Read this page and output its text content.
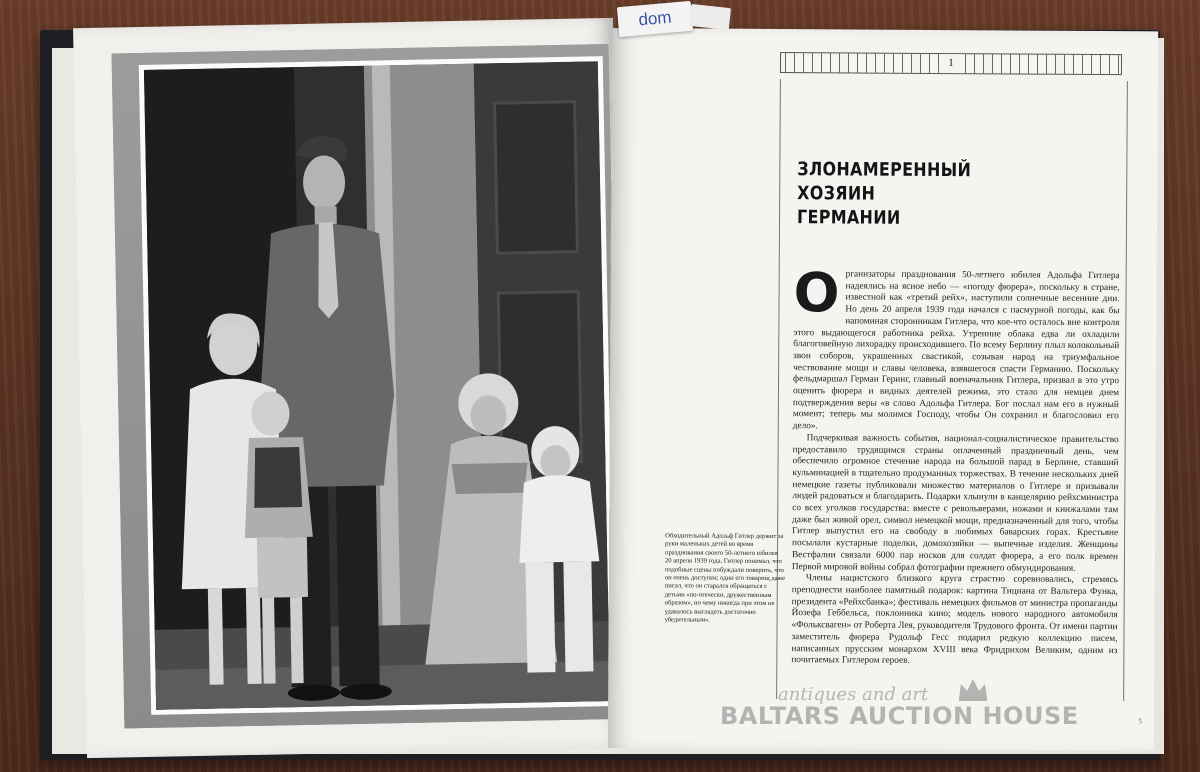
1
ЗЛОНАМЕРЕННЫЙ
ХОЗЯИН
ГЕРМАНИИ

Организаторы празднования 50-летнего юбилея Адольфа Гитлера надеялись на ясное небо — «погоду фюрера», поскольку в стране, известной как «третий рейх», наступили солнечные весенние дни. Но день 20 апреля 1939 года начался с пасмурной погоды, как бы напоминая сторонникам Гитлера, что кое-что осталось вне контроля этого выдающегося работника рейха. Утренние облака едва ли охладили благоговейную лихорадку происходившего. По всему Берлину плыл колокольный звон соборов, украшенных свастикой, созывая народ на триумфальное чествование мощи и славы человека, взявшегося спасти Германию. Поскольку фельдмаршал Герман Геринг, главный военачальник Гитлера, призвал в это утро оценить фюрера и видных деятелей режима, это стало для немцев днем подтверждения веры «в слово Адольфа Гитлера. Бог послал нам его в нужный момент; теперь мы молимся Господу, чтобы Он сохранил и благословил его дело».

Подчеркивая важность события, национал-социалистическое правительство предоставило трудящимся страны оплаченный праздничный день, чем обеспечило огромное стечение народа на большой парад в Берлине, ставший кульминацией в тщательно продуманных торжествах. В течение нескольких дней немецкие газеты публиковали множество материалов о Гитлере и призывали людей радоваться и благодарить. Подарки хлынули в канцелярию рейхсминистра со всех уголков государства: вместе с револьверами, ножами и кинжалами там даже был живой орел, символ немецкой мощи, предназначенный для того, чтобы Гитлер выпустил его на свободу в любимых баварских горах. Крестьяне посылали кустарные поделки, домохозяйки — выпечные изделия. Женщины Вестфалии связали 6000 пар носков для солдат фюрера, а его полк времен Первой мировой войны собрал фотографии прежнего обмундирования.

Члены нацистского близкого круга страстно соревновались, стремясь преподнести наиболее памятный подарок: картина Тициана от Вальтера Функа, президента «Рейхсбанка»; фестиваль немецких фильмов от министра пропаганды Йозефа Геббельса, поклонника кино; модель нового народного автомобиля «Фольксваген» от Роберта Лея, руководителя Трудового фронта. От имени партии заместитель фюрера Рудольф Гесс подарил редкую коллекцию писем, написанных прусским монархом XVIII века Фридрихом Великим, одним из почитаемых Гитлером героев.

Обходительный Адольф Гитлер держит за руки маленьких детей во время празднования своего 50-летнего юбилея 20 апреля 1939 года. Гитлер понимал, что подобные сцены побуждали поверить, что он очень доступен; один его товарищ даже писал, что он старался обращаться с детьми «по-отечески, дружественным образом», но чему никогда при этом не удавалось выглядеть достаточно убедительным».

5

dom

antiques and art

BALTARS AUCTION HOUSE
